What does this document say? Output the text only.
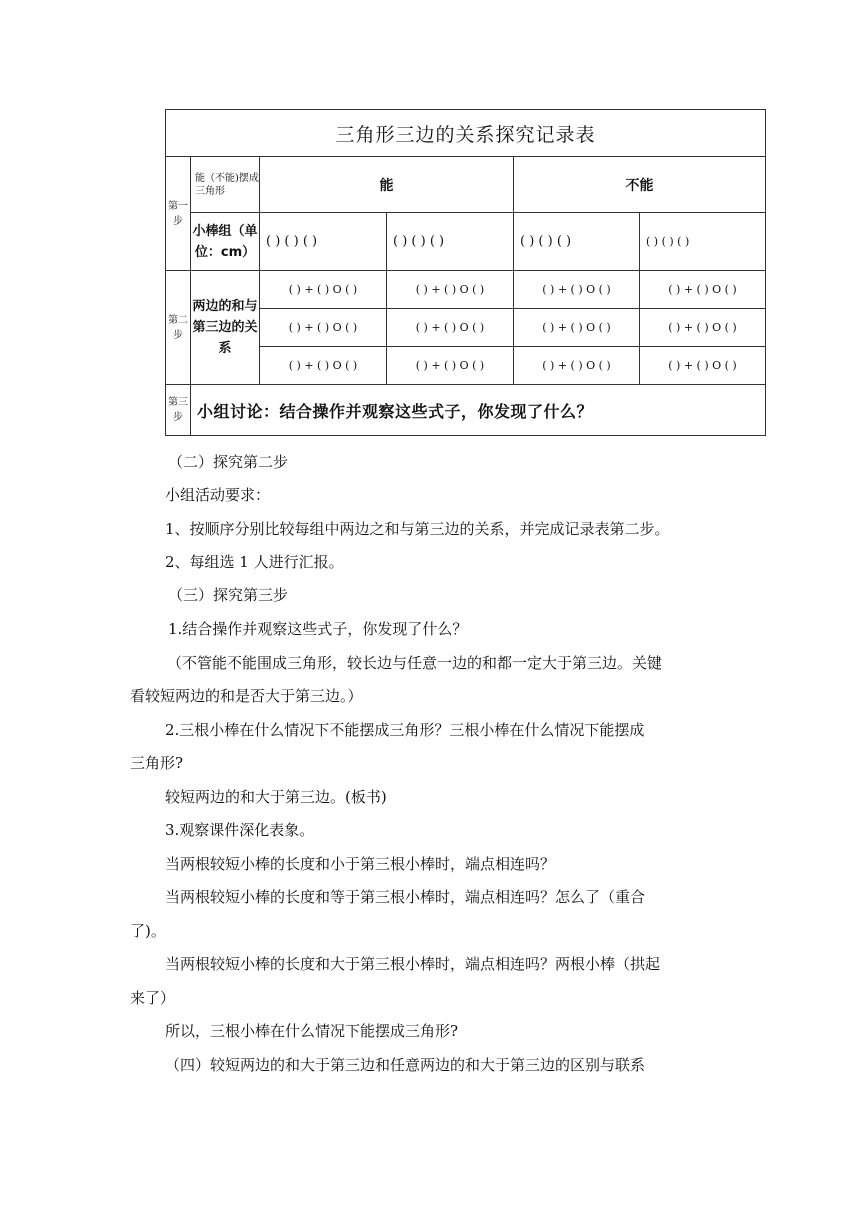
三角形三边的关系探究记录表					
第一步	能（不能)摆成三角形	能		不能	
	小棒组（单位：cm）	( ) ( ) ( )	( ) ( ) ( )	( ) ( ) ( )	( ) ( ) ( )
第二步	两边的和与第三边的关系	( ) + ( ) O ( )	( ) + ( ) O ( )	( ) + ( ) O ( )	( ) + ( ) O ( )
		( ) + ( ) O ( )	( ) + ( ) O ( )	( ) + ( ) O ( )	( ) + ( ) O ( )
		( ) + ( ) O ( )	( ) + ( ) O ( )	( ) + ( ) O ( )	( ) + ( ) O ( )
第三步	小组讨论：结合操作并观察这些式子，你发现了什么？				

（二）探究第二步

小组活动要求：

1、按顺序分别比较每组中两边之和与第三边的关系，并完成记录表第二步。

2、每组选 1 人进行汇报。

（三）探究第三步

1.结合操作并观察这些式子，你发现了什么？

（不管能不能围成三角形，较长边与任意一边的和都一定大于第三边。关键

看较短两边的和是否大于第三边。）

2.三根小棒在什么情况下不能摆成三角形？三根小棒在什么情况下能摆成

三角形?

较短两边的和大于第三边。(板书)

3.观察课件深化表象。

当两根较短小棒的长度和小于第三根小棒时，端点相连吗？

当两根较短小棒的长度和等于第三根小棒时，端点相连吗？怎么了（重合

了)。

当两根较短小棒的长度和大于第三根小棒时，端点相连吗？两根小棒（拱起

来了）

所以，三根小棒在什么情况下能摆成三角形?

（四）较短两边的和大于第三边和任意两边的和大于第三边的区别与联系
